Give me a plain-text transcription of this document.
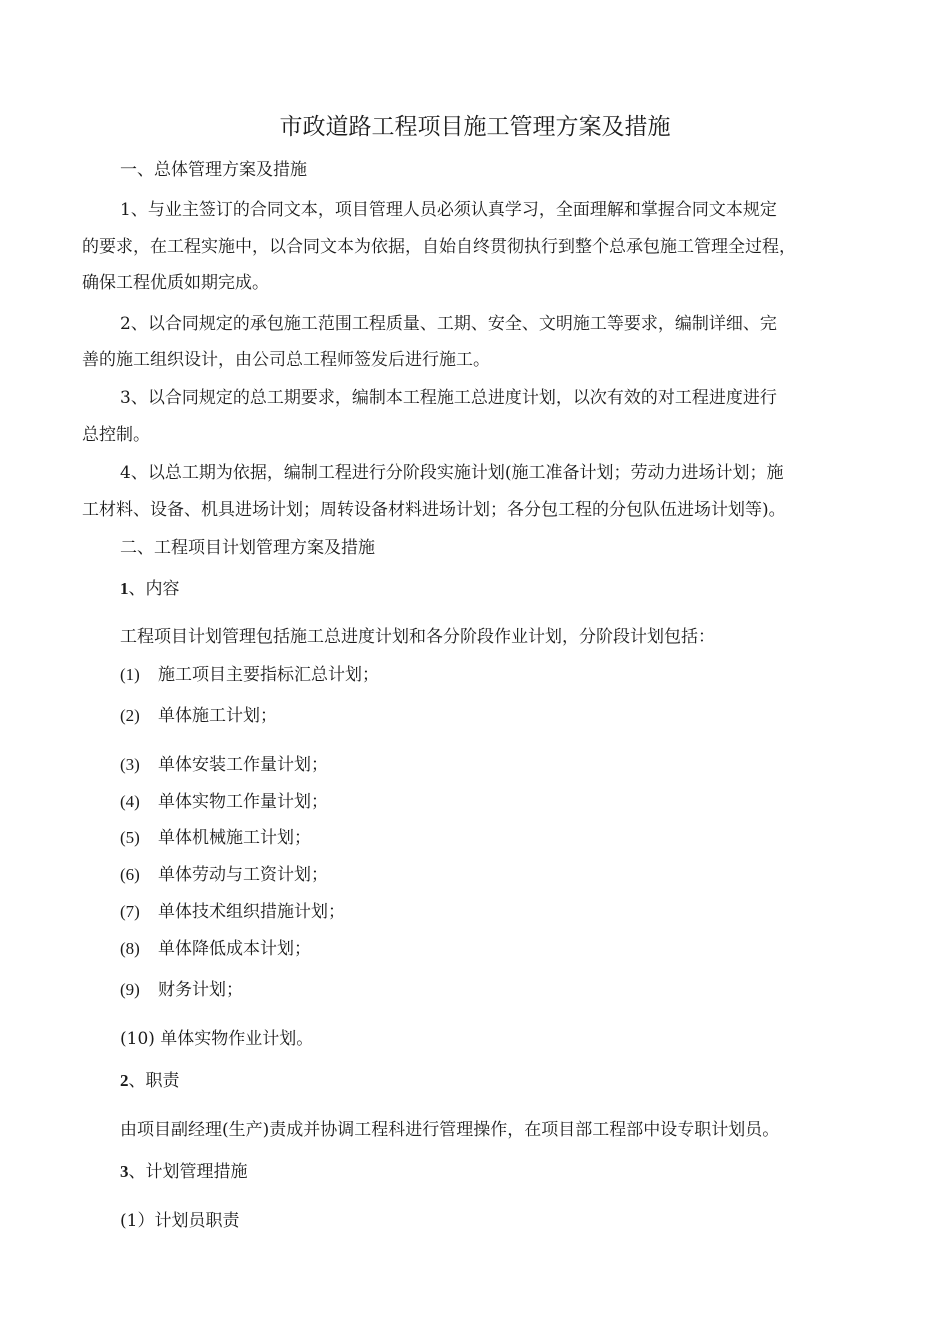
市政道路工程项目施工管理方案及措施
一、总体管理方案及措施
1、与业主签订的合同文本，项目管理人员必须认真学习，全面理解和掌握合同文本规定
的要求，在工程实施中，以合同文本为依据，自始自终贯彻执行到整个总承包施工管理全过程，
确保工程优质如期完成。
2、以合同规定的承包施工范围工程质量、工期、安全、文明施工等要求，编制详细、完
善的施工组织设计，由公司总工程师签发后进行施工。
3、以合同规定的总工期要求，编制本工程施工总进度计划，以次有效的对工程进度进行
总控制。
4、以总工期为依据，编制工程进行分阶段实施计划(施工准备计划；劳动力进场计划；施
工材料、设备、机具进场计划；周转设备材料进场计划；各分包工程的分包队伍进场计划等)。
二、工程项目计划管理方案及措施
1、内容
工程项目计划管理包括施工总进度计划和各分阶段作业计划，分阶段计划包括：
(1) 施工项目主要指标汇总计划；
(2) 单体施工计划；
(3) 单体安装工作量计划；
(4) 单体实物工作量计划；
(5) 单体机械施工计划；
(6) 单体劳动与工资计划；
(7) 单体技术组织措施计划；
(8) 单体降低成本计划；
(9) 财务计划；
(10) 单体实物作业计划。
2、职责
由项目副经理(生产)责成并协调工程科进行管理操作，在项目部工程部中设专职计划员。
3、计划管理措施
(1）计划员职责
